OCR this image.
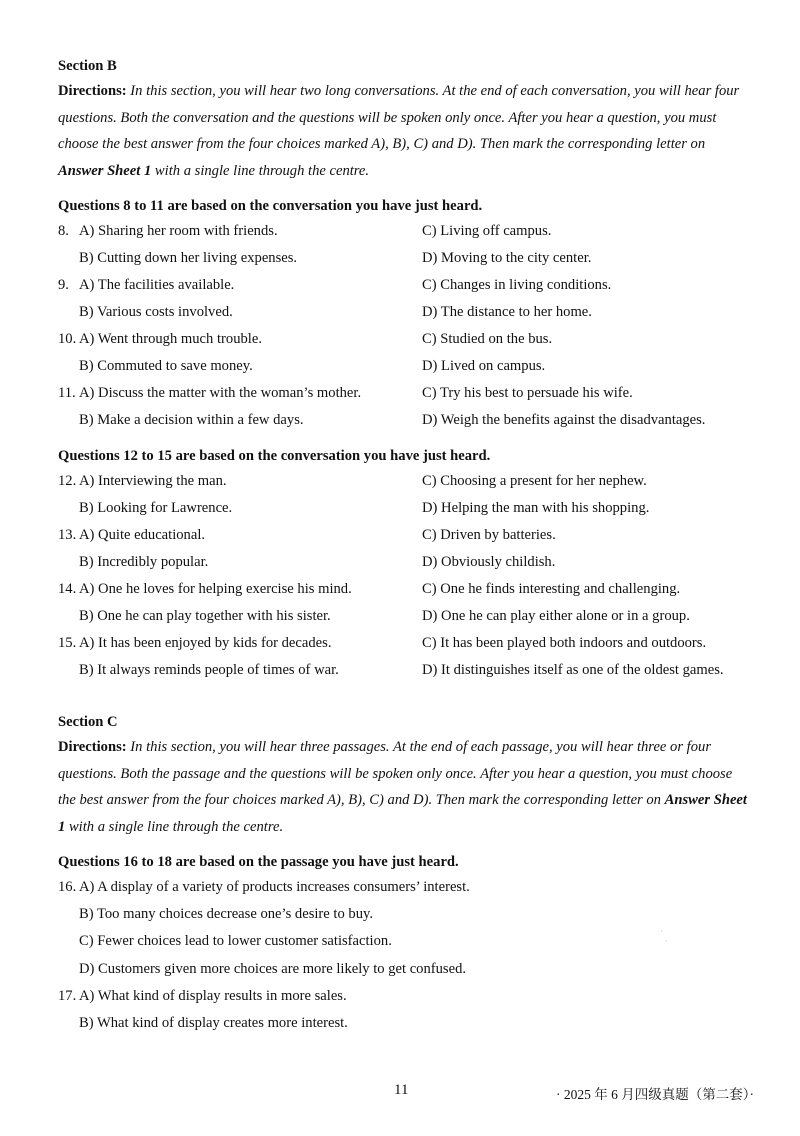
Section B
Directions: In this section, you will hear two long conversations. At the end of each conversation, you will hear four questions. Both the conversation and the questions will be spoken only once. After you hear a question, you must choose the best answer from the four choices marked A), B), C) and D). Then mark the corresponding letter on Answer Sheet 1 with a single line through the centre.
Questions 8 to 11 are based on the conversation you have just heard.
8. A) Sharing her room with friends.	C) Living off campus.
B) Cutting down her living expenses.	D) Moving to the city center.
9. A) The facilities available.	C) Changes in living conditions.
B) Various costs involved.	D) The distance to her home.
10. A) Went through much trouble.	C) Studied on the bus.
B) Commuted to save money.	D) Lived on campus.
11. A) Discuss the matter with the woman’s mother.	C) Try his best to persuade his wife.
B) Make a decision within a few days.	D) Weigh the benefits against the disadvantages.
Questions 12 to 15 are based on the conversation you have just heard.
12. A) Interviewing the man.	C) Choosing a present for her nephew.
B) Looking for Lawrence.	D) Helping the man with his shopping.
13. A) Quite educational.	C) Driven by batteries.
B) Incredibly popular.	D) Obviously childish.
14. A) One he loves for helping exercise his mind.	C) One he finds interesting and challenging.
B) One he can play together with his sister.	D) One he can play either alone or in a group.
15. A) It has been enjoyed by kids for decades.	C) It has been played both indoors and outdoors.
B) It always reminds people of times of war.	D) It distinguishes itself as one of the oldest games.
Section C
Directions: In this section, you will hear three passages. At the end of each passage, you will hear three or four questions. Both the passage and the questions will be spoken only once. After you hear a question, you must choose the best answer from the four choices marked A), B), C) and D). Then mark the corresponding letter on Answer Sheet 1 with a single line through the centre.
Questions 16 to 18 are based on the passage you have just heard.
16. A) A display of a variety of products increases consumers’ interest.
B) Too many choices decrease one’s desire to buy.
C) Fewer choices lead to lower customer satisfaction.
D) Customers given more choices are more likely to get confused.
17. A) What kind of display results in more sales.
B) What kind of display creates more interest.
·
·
11	· 2025 年 6 月四级真题（第二套）·
